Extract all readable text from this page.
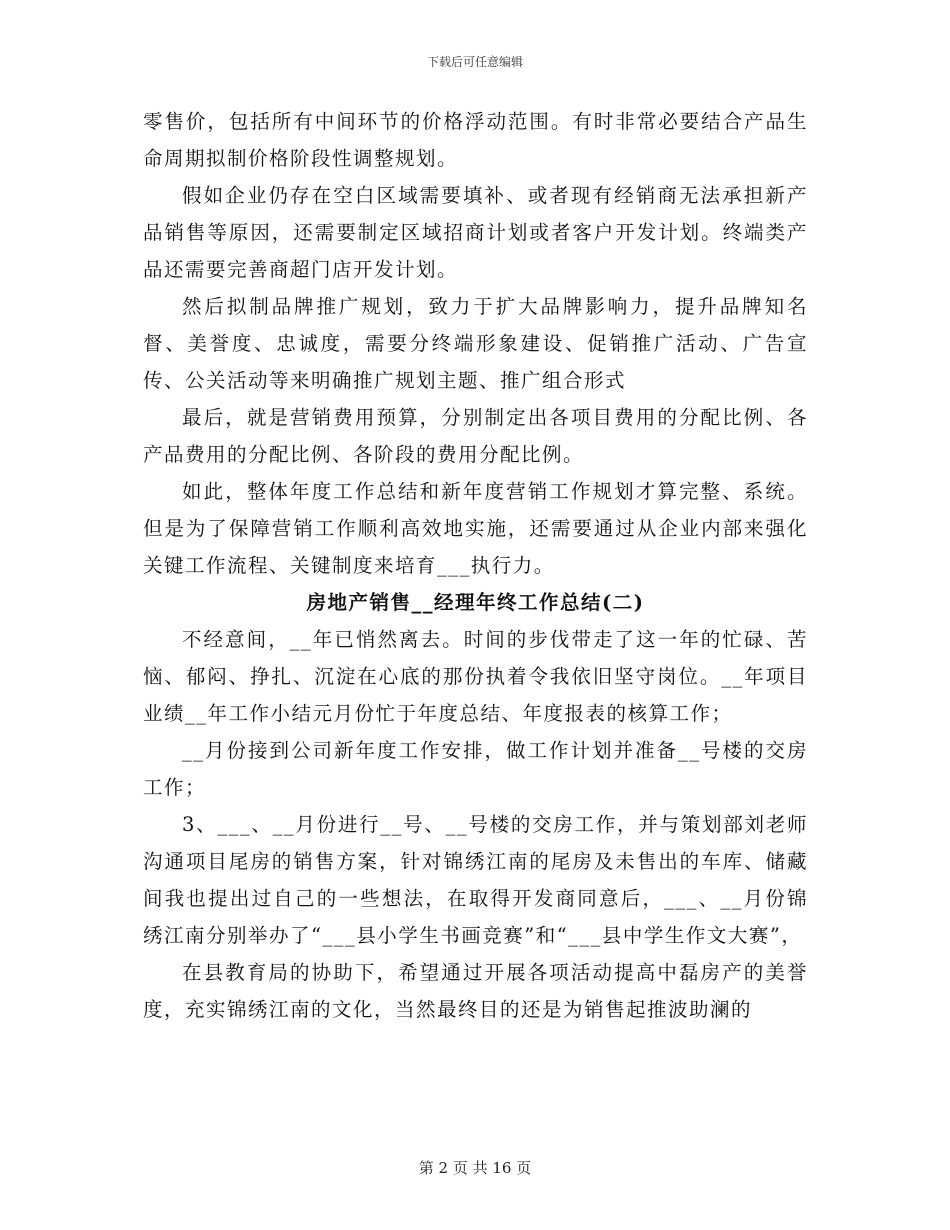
下载后可任意编辑

零售价，包括所有中间环节的价格浮动范围。有时非常必要结合产品生命周期拟制价格阶段性调整规划。

假如企业仍存在空白区域需要填补、或者现有经销商无法承担新产品销售等原因，还需要制定区域招商计划或者客户开发计划。终端类产品还需要完善商超门店开发计划。

然后拟制品牌推广规划，致力于扩大品牌影响力，提升品牌知名督、美誉度、忠诚度，需要分终端形象建设、促销推广活动、广告宣传、公关活动等来明确推广规划主题、推广组合形式

最后，就是营销费用预算，分别制定出各项目费用的分配比例、各产品费用的分配比例、各阶段的费用分配比例。

如此，整体年度工作总结和新年度营销工作规划才算完整、系统。但是为了保障营销工作顺利高效地实施，还需要通过从企业内部来强化关键工作流程、关键制度来培育___执行力。

房地产销售__经理年终工作总结(二)

不经意间，__年已悄然离去。时间的步伐带走了这一年的忙碌、苦恼、郁闷、挣扎、沉淀在心底的那份执着令我依旧坚守岗位。__年项目业绩__年工作小结元月份忙于年度总结、年度报表的核算工作；

__月份接到公司新年度工作安排，做工作计划并准备__号楼的交房工作；

3、___、__月份进行__号、__号楼的交房工作，并与策划部刘老师沟通项目尾房的销售方案，针对锦绣江南的尾房及未售出的车库、储藏间我也提出过自己的一些想法，在取得开发商同意后，___、__月份锦绣江南分别举办了“___县小学生书画竞赛”和“___县中学生作文大赛”，

在县教育局的协助下，希望通过开展各项活动提高中磊房产的美誉度，充实锦绣江南的文化，当然最终目的还是为销售起推波助澜的

第 2 页 共 16 页
